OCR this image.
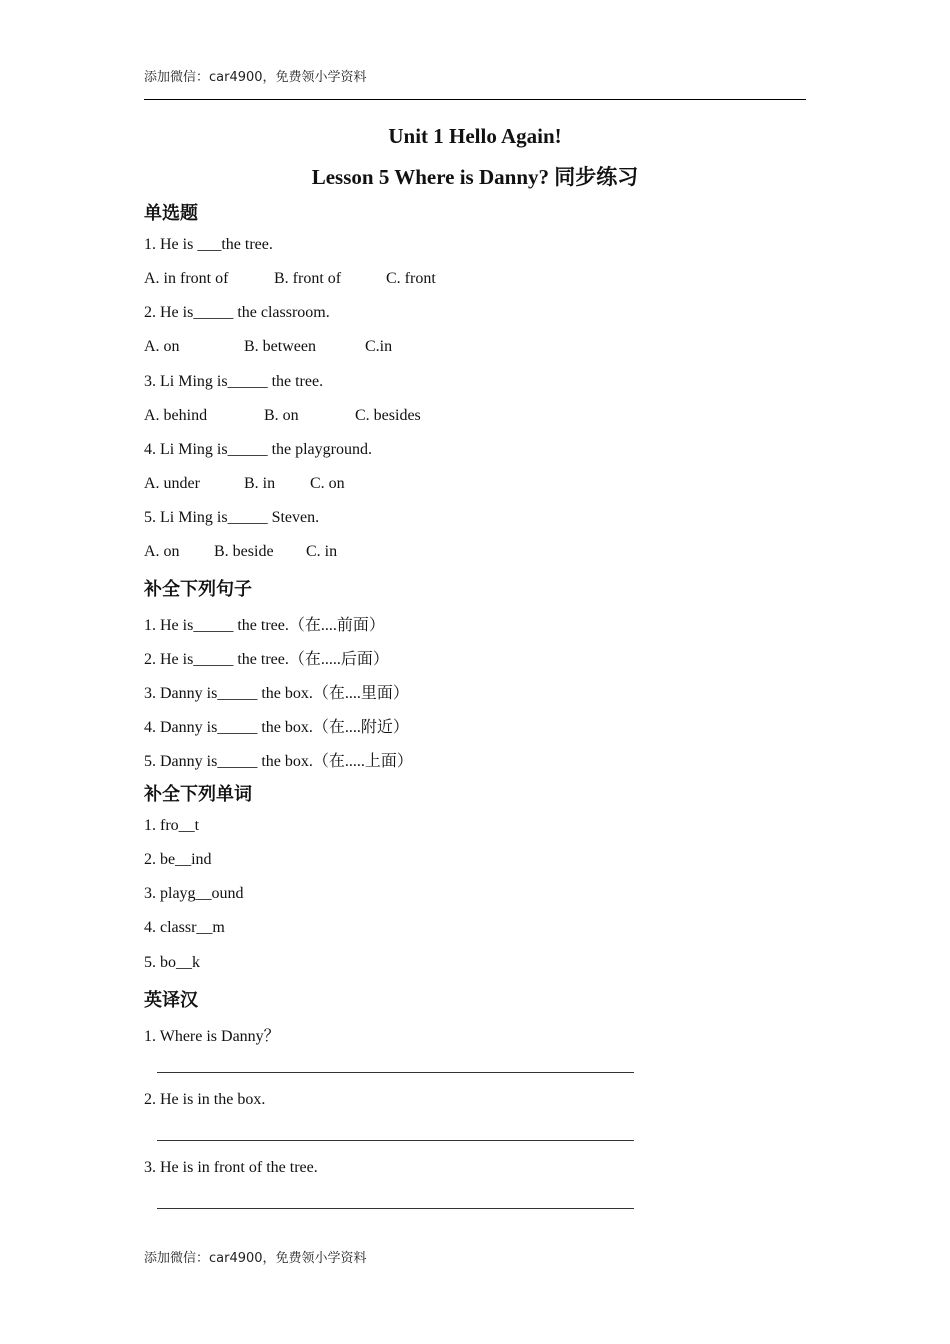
添加微信：car4900，免费领小学资料
Unit 1 Hello Again!
Lesson 5 Where is Danny? 同步练习
单选题
1. He is ___the tree.
A. in front of	B. front of	C. front
2. He is_____ the classroom.
A. on	B. between	C.in
3. Li Ming is_____ the tree.
A. behind	B. on	C. besides
4. Li Ming is_____ the playground.
A. under	B. in C. on
5. Li Ming is_____ Steven.
A. on B. beside C. in
补全下列句子
1. He is_____ the tree.（在....前面）
2. He is_____ the tree.（在.....后面）
3. Danny is_____ the box.（在....里面）
4. Danny is_____ the box.（在....附近）
5. Danny is_____ the box.（在.....上面）
补全下列单词
1. fro__t
2. be__ind
3. playg__ound
4. classr__m
5. bo__k
英译汉
1. Where is Danny？
2. He is in the box.
3. He is in front of the tree.
添加微信：car4900，免费领小学资料
